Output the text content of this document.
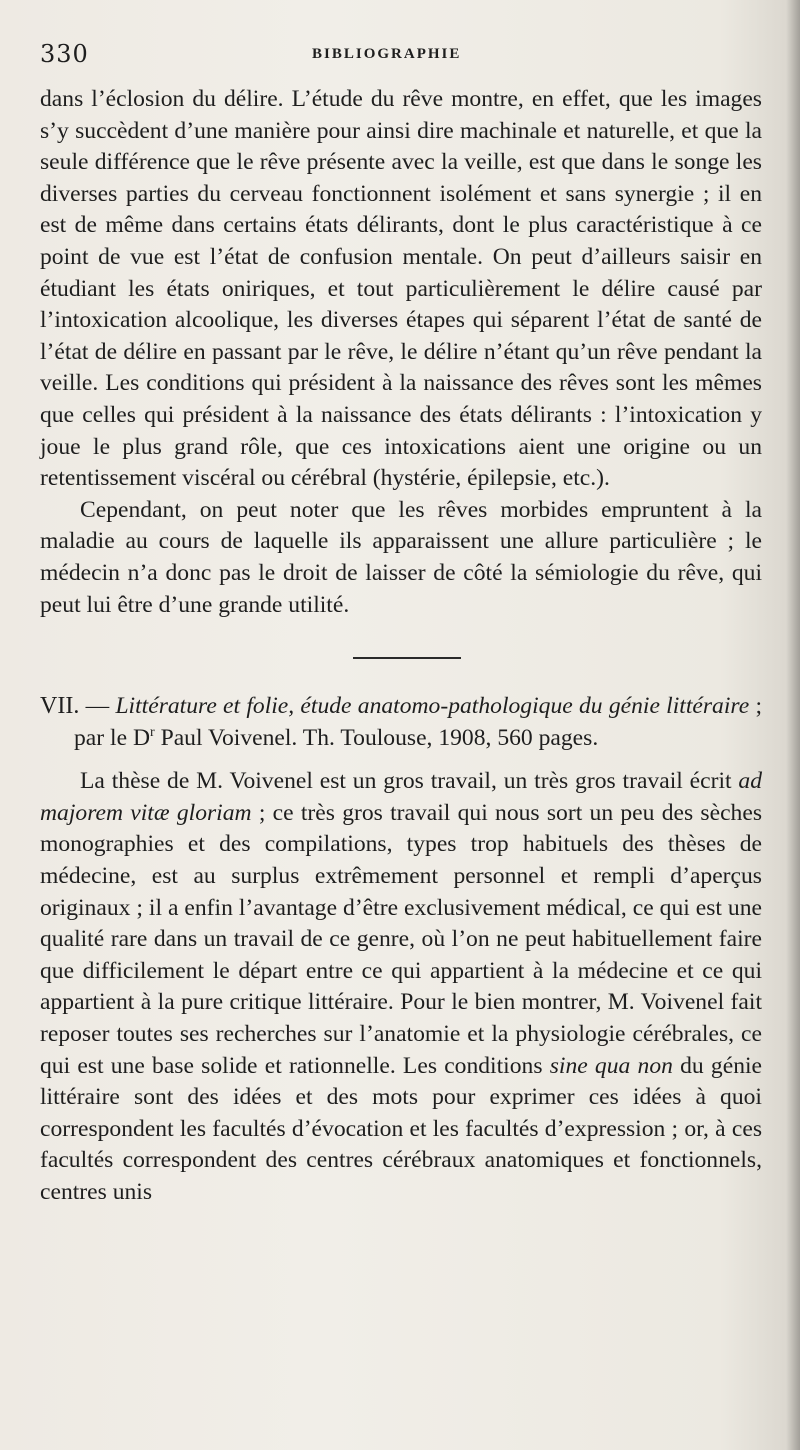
330	BIBLIOGRAPHIE

dans l’éclosion du délire. L’étude du rêve montre, en effet, que les images s’y succèdent d’une manière pour ainsi dire machinale et naturelle, et que la seule différence que le rêve présente avec la veille, est que dans le songe les diverses parties du cerveau fonctionnent isolément et sans synergie ; il en est de même dans certains états délirants, dont le plus caractéristique à ce point de vue est l’état de confusion mentale. On peut d’ailleurs saisir en étudiant les états oniriques, et tout particulièrement le délire causé par l’intoxication alcoolique, les diverses étapes qui séparent l’état de santé de l’état de délire en passant par le rêve, le délire n’étant qu’un rêve pendant la veille. Les conditions qui président à la naissance des rêves sont les mêmes que celles qui président à la naissance des états délirants : l’intoxication y joue le plus grand rôle, que ces intoxications aient une origine ou un retentissement viscéral ou cérébral (hystérie, épilepsie, etc.).

Cependant, on peut noter que les rêves morbides empruntent à la maladie au cours de laquelle ils apparaissent une allure particulière ; le médecin n’a donc pas le droit de laisser de côté la sémiologie du rêve, qui peut lui être d’une grande utilité.

VII. — Littérature et folie, étude anatomo-pathologique du génie littéraire ; par le $D^r$ Paul Voivenel. Th. Toulouse, 1908, 560 pages.

La thèse de M. Voivenel est un gros travail, un très gros travail écrit ad majorem vitæ gloriam ; ce très gros travail qui nous sort un peu des sèches monographies et des compilations, types trop habituels des thèses de médecine, est au surplus extrêmement personnel et rempli d’aperçus originaux ; il a enfin l’avantage d’être exclusivement médical, ce qui est une qualité rare dans un travail de ce genre, où l’on ne peut habituellement faire que difficilement le départ entre ce qui appartient à la médecine et ce qui appartient à la pure critique littéraire. Pour le bien montrer, M. Voivenel fait reposer toutes ses recherches sur l’anatomie et la physiologie cérébrales, ce qui est une base solide et rationnelle. Les conditions sine qua non du génie littéraire sont des idées et des mots pour exprimer ces idées à quoi correspondent les facultés d’évocation et les facultés d’expression ; or, à ces facultés correspondent des centres cérébraux anatomiques et fonctionnels, centres unis
